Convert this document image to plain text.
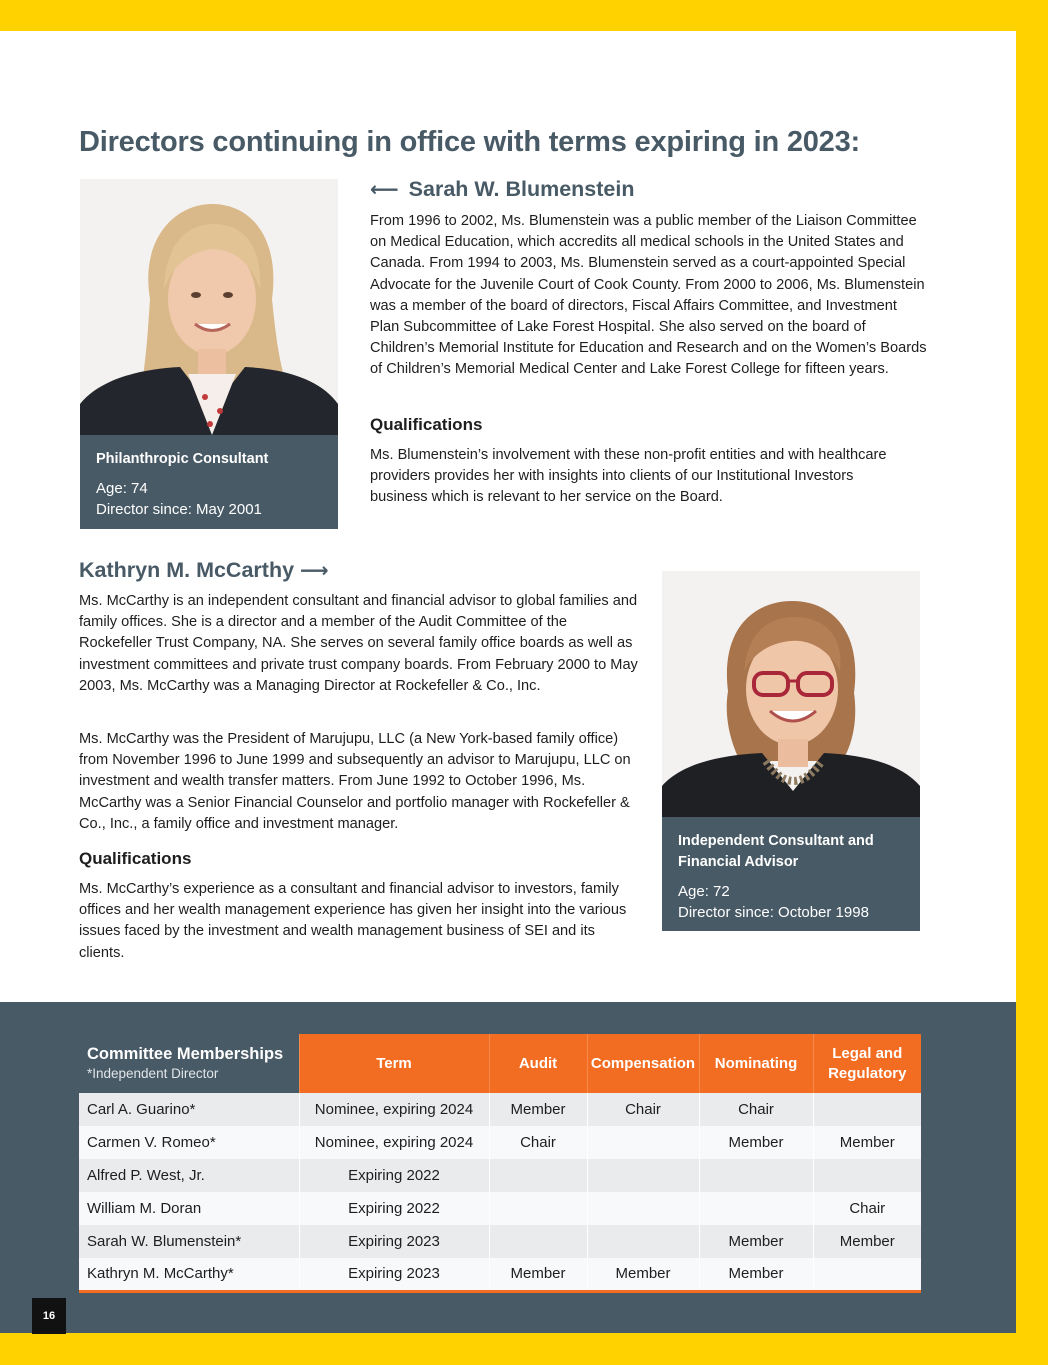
Directors continuing in office with terms expiring in 2023:
Philanthropic Consultant
Age: 74
Director since: May 2001
⟵ Sarah W. Blumenstein

From 1996 to 2002, Ms. Blumenstein was a public member of the Liaison Committee on Medical Education, which accredits all medical schools in the United States and Canada. From 1994 to 2003, Ms. Blumenstein served as a court-appointed Special Advocate for the Juvenile Court of Cook County. From 2000 to 2006, Ms. Blumenstein was a member of the board of directors, Fiscal Affairs Committee, and Investment Plan Subcommittee of Lake Forest Hospital. She also served on the board of Children’s Memorial Institute for Education and Research and on the Women’s Boards of Children’s Memorial Medical Center and Lake Forest College for fifteen years.

Qualifications

Ms. Blumenstein’s involvement with these non-profit entities and with healthcare providers provides her with insights into clients of our Institutional Investors business which is relevant to her service on the Board.

Kathryn M. McCarthy ⟶

Ms. McCarthy is an independent consultant and financial advisor to global families and family offices. She is a director and a member of the Audit Committee of the Rockefeller Trust Company, NA. She serves on several family office boards as well as investment committees and private trust company boards. From February 2000 to May 2003, Ms. McCarthy was a Managing Director at Rockefeller & Co., Inc.

Ms. McCarthy was the President of Marujupu, LLC (a New York-based family office) from November 1996 to June 1999 and subsequently an advisor to Marujupu, LLC on investment and wealth transfer matters. From June 1992 to October 1996, Ms. McCarthy was a Senior Financial Counselor and portfolio manager with Rockefeller & Co., Inc., a family office and investment manager.

Qualifications

Ms. McCarthy’s experience as a consultant and financial advisor to investors, family offices and her wealth management experience has given her insight into the various issues faced by the investment and wealth management business of SEI and its clients.

Independent Consultant and Financial Advisor
Age: 72
Director since: October 1998
Committee Memberships
*Independent Director	Term	Audit	Compensation	Nominating	Legal and Regulatory
Carl A. Guarino*	Nominee, expiring 2024	Member	Chair	Chair	
Carmen V. Romeo*	Nominee, expiring 2024	Chair		Member	Member
Alfred P. West, Jr.	Expiring 2022				
William M. Doran	Expiring 2022				Chair
Sarah W. Blumenstein*	Expiring 2023			Member	Member
Kathryn M. McCarthy*	Expiring 2023	Member	Member	Member	
16
